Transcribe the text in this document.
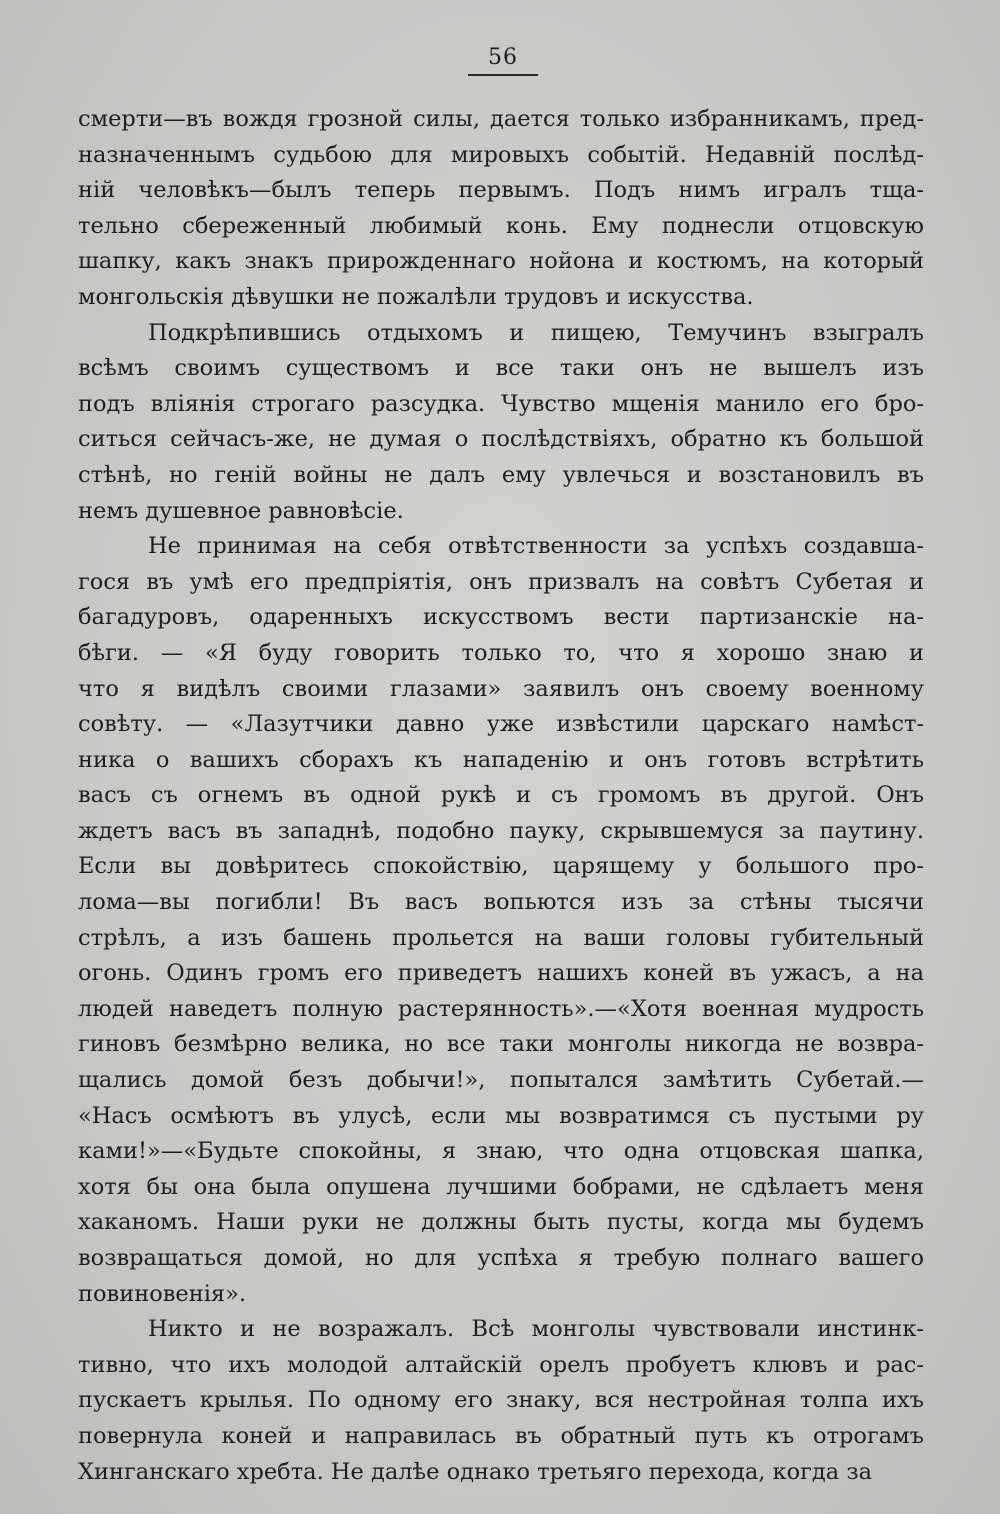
56
смерти—въ вождя грозной силы, дается только избранникамъ, пред-
назначеннымъ судьбою для мировыхъ событій. Недавній послѣд-
ній человѣкъ—былъ теперь первымъ. Подъ нимъ игралъ тща-
тельно сбереженный любимый конь. Ему поднесли отцовскую
шапку, какъ знакъ прирожденнаго нойона и костюмъ, на который
монгольскія дѣвушки не пожалѣли трудовъ и искусства.
Подкрѣпившись отдыхомъ и пищею, Темучинъ взыгралъ
всѣмъ своимъ существомъ и все таки онъ не вышелъ изъ
подъ вліянія строгаго разсудка. Чувство мщенія манило его бро-
ситься сейчасъ-же, не думая о послѣдствіяхъ, обратно къ большой
стѣнѣ, но геній войны не далъ ему увлечься и возстановилъ въ
немъ душевное равновѣсіе.
Не принимая на себя отвѣтственности за успѣхъ создавша-
гося въ умѣ его предпріятія, онъ призвалъ на совѣтъ Субетая и
багадуровъ, одаренныхъ искусствомъ вести партизанскіе на-
бѣги. — «Я буду говорить только то, что я хорошо знаю и
что я видѣлъ своими глазами» заявилъ онъ своему военному
совѣту. — «Лазутчики давно уже извѣстили царскаго намѣст-
ника о вашихъ сборахъ къ нападенію и онъ готовъ встрѣтить
васъ съ огнемъ въ одной рукѣ и съ громомъ въ другой. Онъ
ждетъ васъ въ западнѣ, подобно пауку, скрывшемуся за паутину.
Если вы довѣритесь спокойствію, царящему у большого про-
лома—вы погибли! Въ васъ вопьются изъ за стѣны тысячи
стрѣлъ, а изъ башень прольется на ваши головы губительный
огонь. Одинъ громъ его приведетъ нашихъ коней въ ужасъ, а на
людей наведетъ полную растерянность».—«Хотя военная мудрость
гиновъ безмѣрно велика, но все таки монголы никогда не возвра-
щались домой безъ добычи!», попытался замѣтить Субетай.—
«Насъ осмѣютъ въ улусѣ, если мы возвратимся съ пустыми ру
ками!»—«Будьте спокойны, я знаю, что одна отцовская шапка,
хотя бы она была опушена лучшими бобрами, не сдѣлаетъ меня
хаканомъ. Наши руки не должны быть пусты, когда мы будемъ
возвращаться домой, но для успѣха я требую полнаго вашего
повиновенія».
Никто и не возражалъ. Всѣ монголы чувствовали инстинк-
тивно, что ихъ молодой алтайскій орелъ пробуетъ клювъ и рас-
пускаетъ крылья. По одному его знаку, вся нестройная толпа ихъ
повернула коней и направилась въ обратный путь къ отрогамъ
Хинганскаго хребта. Не далѣе однако третьяго перехода, когда за
